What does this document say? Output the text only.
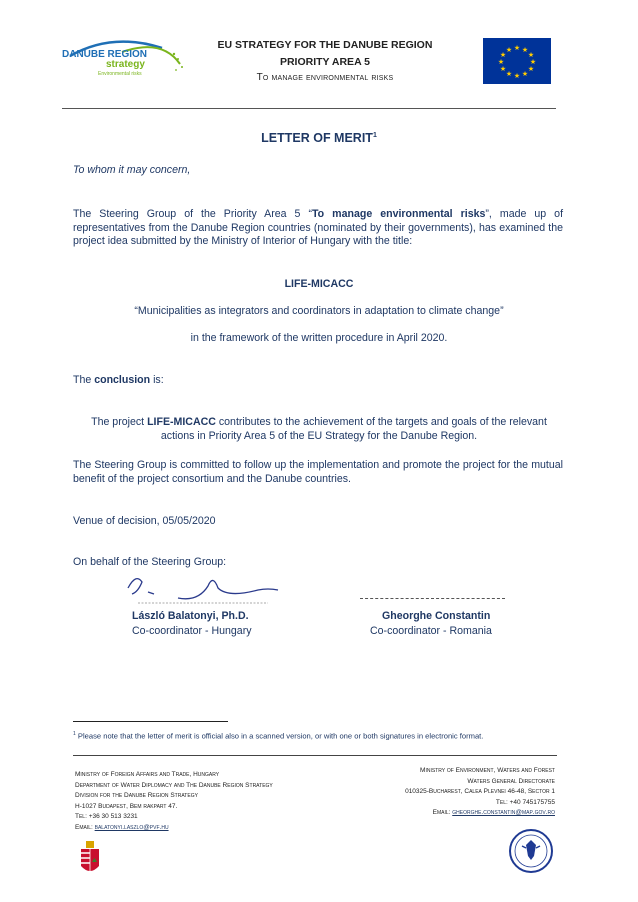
DANUBE REGION
strategy
Environmental risks
EU STRATEGY FOR THE DANUBE REGION
PRIORITY AREA 5
To manage environmental risks
★ ★
★
★
★
★
★
★
★
★
★
★
LETTER OF MERIT$^1$
To whom it may concern,

The Steering Group of the Priority Area 5 “To manage environmental risks”, made up of representatives from the Danube Region countries (nominated by their governments), has examined the project idea submitted by the Ministry of Interior of Hungary with the title:

LIFE-MICACC
“Municipalities as integrators and coordinators in adaptation to climate change”
in the framework of the written procedure in April 2020.
The conclusion is:

The project LIFE-MICACC contributes to the achievement of the targets and goals of the relevant actions in Priority Area 5 of the EU Strategy for the Danube Region.

The Steering Group is committed to follow up the implementation and promote the project for the mutual benefit of the project consortium and the Danube countries.

Venue of decision, 05/05/2020
On behalf of the Steering Group:
László Balatonyi, Ph.D.
Co-coordinator - Hungary
Gheorghe Constantin
Co-coordinator - Romania
$^1$ Please note that the letter of merit is official also in a scanned version, or with one or both signatures in electronic format.
Ministry of Foreign Affairs and Trade, Hungary
Department of Water Diplomacy and The Danube Region Strategy
Division for the Danube Region Strategy
H-1027 Budapest, Bem rakpart 47.
Tel: +36 30 513 3231
Email: balatonyi.laszlo@pvf.hu
Ministry of Environment, Waters and Forest
Waters General Directorate
010325-Bucharest, Calea Plevnei 46-48, Sector 1
Tel: +40 745175755
Email: gheorghe.constantin@map.gov.ro
